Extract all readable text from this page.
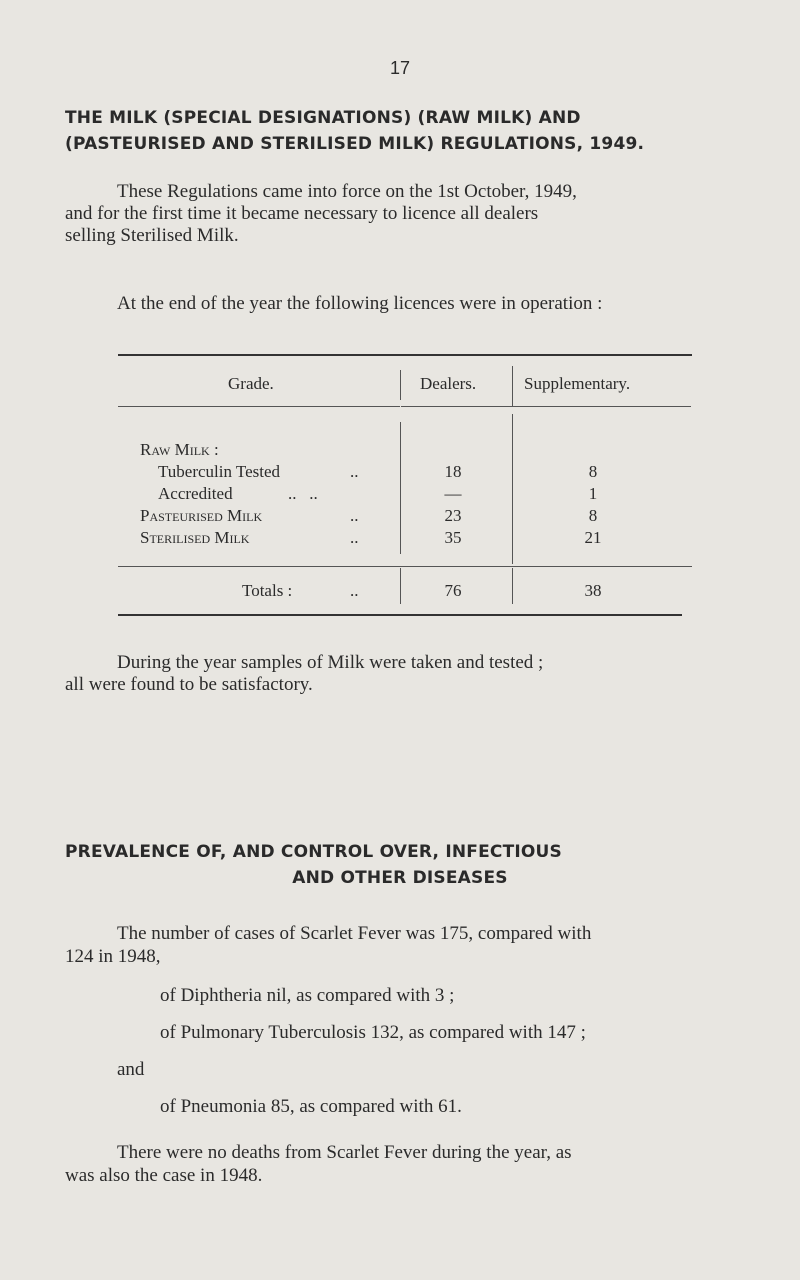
17
THE MILK (SPECIAL DESIGNATIONS) (RAW MILK) AND
(PASTEURISED AND STERILISED MILK) REGULATIONS, 1949.
These Regulations came into force on the 1st October, 1949,
and for the first time it became necessary to licence all dealers
selling Sterilised Milk.
At the end of the year the following licences were in operation :
Grade.	Dealers.	Supplementary.
Raw Milk :
Tuberculin Tested	..	18	8
Accredited	..   ..	—	1
Pasteurised Milk	..	23	8
Sterilised Milk	..	35	21
Totals :	..	76	38
During the year samples of Milk were taken and tested ;
all were found to be satisfactory.
PREVALENCE OF, AND CONTROL OVER, INFECTIOUS
AND OTHER DISEASES
The number of cases of Scarlet Fever was 175, compared with
124 in 1948,
of Diphtheria nil, as compared with 3 ;
of Pulmonary Tuberculosis 132, as compared with 147 ;
and
of Pneumonia 85, as compared with 61.
There were no deaths from Scarlet Fever during the year, as
was also the case in 1948.
